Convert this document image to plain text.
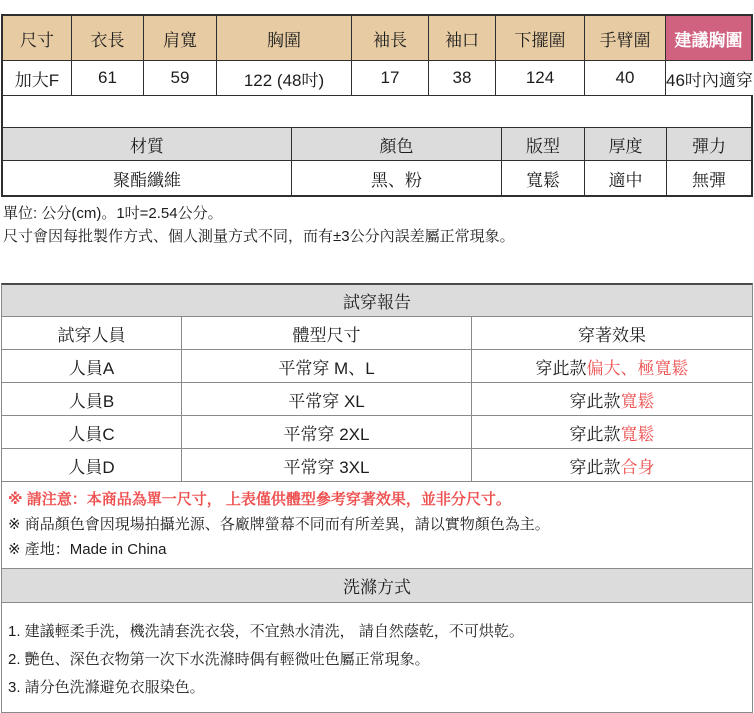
尺寸	衣長	肩寬	胸圍	袖長	袖口	下擺圍	手臂圍	建議胸圍
加大F	61	59	122 (48吋)	17	38	124	40	46吋內適穿
材質	顏色	版型	厚度	彈力
聚酯纖維	黑、粉	寬鬆	適中	無彈
單位: 公分(cm)。1吋=2.54公分。
尺寸會因每批製作方式、個人測量方式不同，而有±3公分內誤差屬正常現象。
試穿報告
試穿人員	體型尺寸	穿著效果
人員A	平常穿 M、L	穿此款 偏大、極寬鬆
人員B	平常穿 XL	穿此款 寬鬆
人員C	平常穿 2XL	穿此款 寬鬆
人員D	平常穿 3XL	穿此款 合身
※ 請注意：本商品為單一尺寸， 上表僅供體型參考穿著效果，並非分尺寸。
※ 商品顏色會因現場拍攝光源、各廠牌螢幕不同而有所差異，請以實物顏色為主。
※ 產地：Made in China
洗滌方式
1. 建議輕柔手洗，機洗請套洗衣袋，不宜熱水清洗， 請自然蔭乾，不可烘乾。
2. 艷色、深色衣物第一次下水洗滌時偶有輕微吐色屬正常現象。
3. 請分色洗滌避免衣服染色。
